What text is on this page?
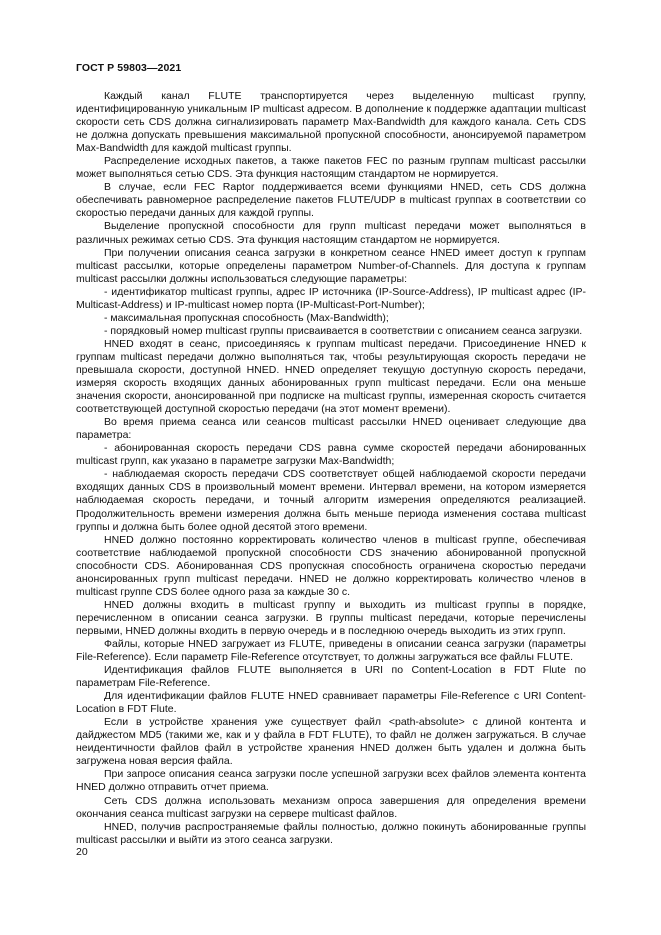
ГОСТ Р 59803—2021

Каждый канал FLUTE транспортируется через выделенную multicast группу, идентифицированную уникальным IP multicast адресом. В дополнение к поддержке адаптации multicast скорости сеть CDS должна сигнализировать параметр Max-Bandwidth для каждого канала. Сеть CDS не должна допускать превышения максимальной пропускной способности, анонсируемой параметром Max-Bandwidth для каждой multicast группы.

Распределение исходных пакетов, а также пакетов FEC по разным группам multicast рассылки может выполняться сетью CDS. Эта функция настоящим стандартом не нормируется.

В случае, если FEC Raptor поддерживается всеми функциями HNED, сеть CDS должна обеспечивать равномерное распределение пакетов FLUTE/UDP в multicast группах в соответствии со скоростью передачи данных для каждой группы.

Выделение пропускной способности для групп multicast передачи может выполняться в различных режимах сетью CDS. Эта функция настоящим стандартом не нормируется.

При получении описания сеанса загрузки в конкретном сеансе HNED имеет доступ к группам multicast рассылки, которые определены параметром Number-of-Channels. Для доступа к группам multicast рассылки должны использоваться следующие параметры:

- идентификатор multicast группы, адрес IP источника (IP-Source-Address), IP multicast адрес (IP-Multicast-Address) и IP-multicast номер порта (IP-Multicast-Port-Number);

- максимальная пропускная способность (Max-Bandwidth);

- порядковый номер multicast группы присваивается в соответствии с описанием сеанса загрузки.

HNED входят в сеанс, присоединяясь к группам multicast передачи. Присоединение HNED к группам multicast передачи должно выполняться так, чтобы результирующая скорость передачи не превышала скорости, доступной HNED. HNED определяет текущую доступную скорость передачи, измеряя скорость входящих данных абонированных групп multicast передачи. Если она меньше значения скорости, анонсированной при подписке на multicast группы, измеренная скорость считается соответствующей доступной скоростью передачи (на этот момент времени).

Во время приема сеанса или сеансов multicast рассылки HNED оценивает следующие два параметра:

- абонированная скорость передачи CDS равна сумме скоростей передачи абонированных multicast групп, как указано в параметре загрузки Max-Bandwidth;

- наблюдаемая скорость передачи CDS соответствует общей наблюдаемой скорости передачи входящих данных CDS в произвольный момент времени. Интервал времени, на котором измеряется наблюдаемая скорость передачи, и точный алгоритм измерения определяются реализацией. Продолжительность времени измерения должна быть меньше периода изменения состава multicast группы и должна быть более одной десятой этого времени.

HNED должно постоянно корректировать количество членов в multicast группе, обеспечивая соответствие наблюдаемой пропускной способности CDS значению абонированной пропускной способности CDS. Абонированная CDS пропускная способность ограничена скоростью передачи анонсированных групп multicast передачи. HNED не должно корректировать количество членов в multicast группе CDS более одного раза за каждые 30 с.

HNED должны входить в multicast группу и выходить из multicast группы в порядке, перечисленном в описании сеанса загрузки. В группы multicast передачи, которые перечислены первыми, HNED должны входить в первую очередь и в последнюю очередь выходить из этих групп.

Файлы, которые HNED загружает из FLUTE, приведены в описании сеанса загрузки (параметры File-Reference). Если параметр File-Reference отсутствует, то должны загружаться все файлы FLUTE.

Идентификация файлов FLUTE выполняется в URI по Content-Location в FDT Flute по параметрам File-Reference.

Для идентификации файлов FLUTE HNED сравнивает параметры File-Reference с URI Content-Location в FDT Flute.

Если в устройстве хранения уже существует файл <path-absolute> с длиной контента и дайджестом MD5 (такими же, как и у файла в FDT FLUTE), то файл не должен загружаться. В случае неидентичности файлов файл в устройстве хранения HNED должен быть удален и должна быть загружена новая версия файла.

При запросе описания сеанса загрузки после успешной загрузки всех файлов элемента контента HNED должно отправить отчет приема.

Сеть CDS должна использовать механизм опроса завершения для определения времени окончания сеанса multicast загрузки на сервере multicast файлов.

HNED, получив распространяемые файлы полностью, должно покинуть абонированные группы multicast рассылки и выйти из этого сеанса загрузки.

20
